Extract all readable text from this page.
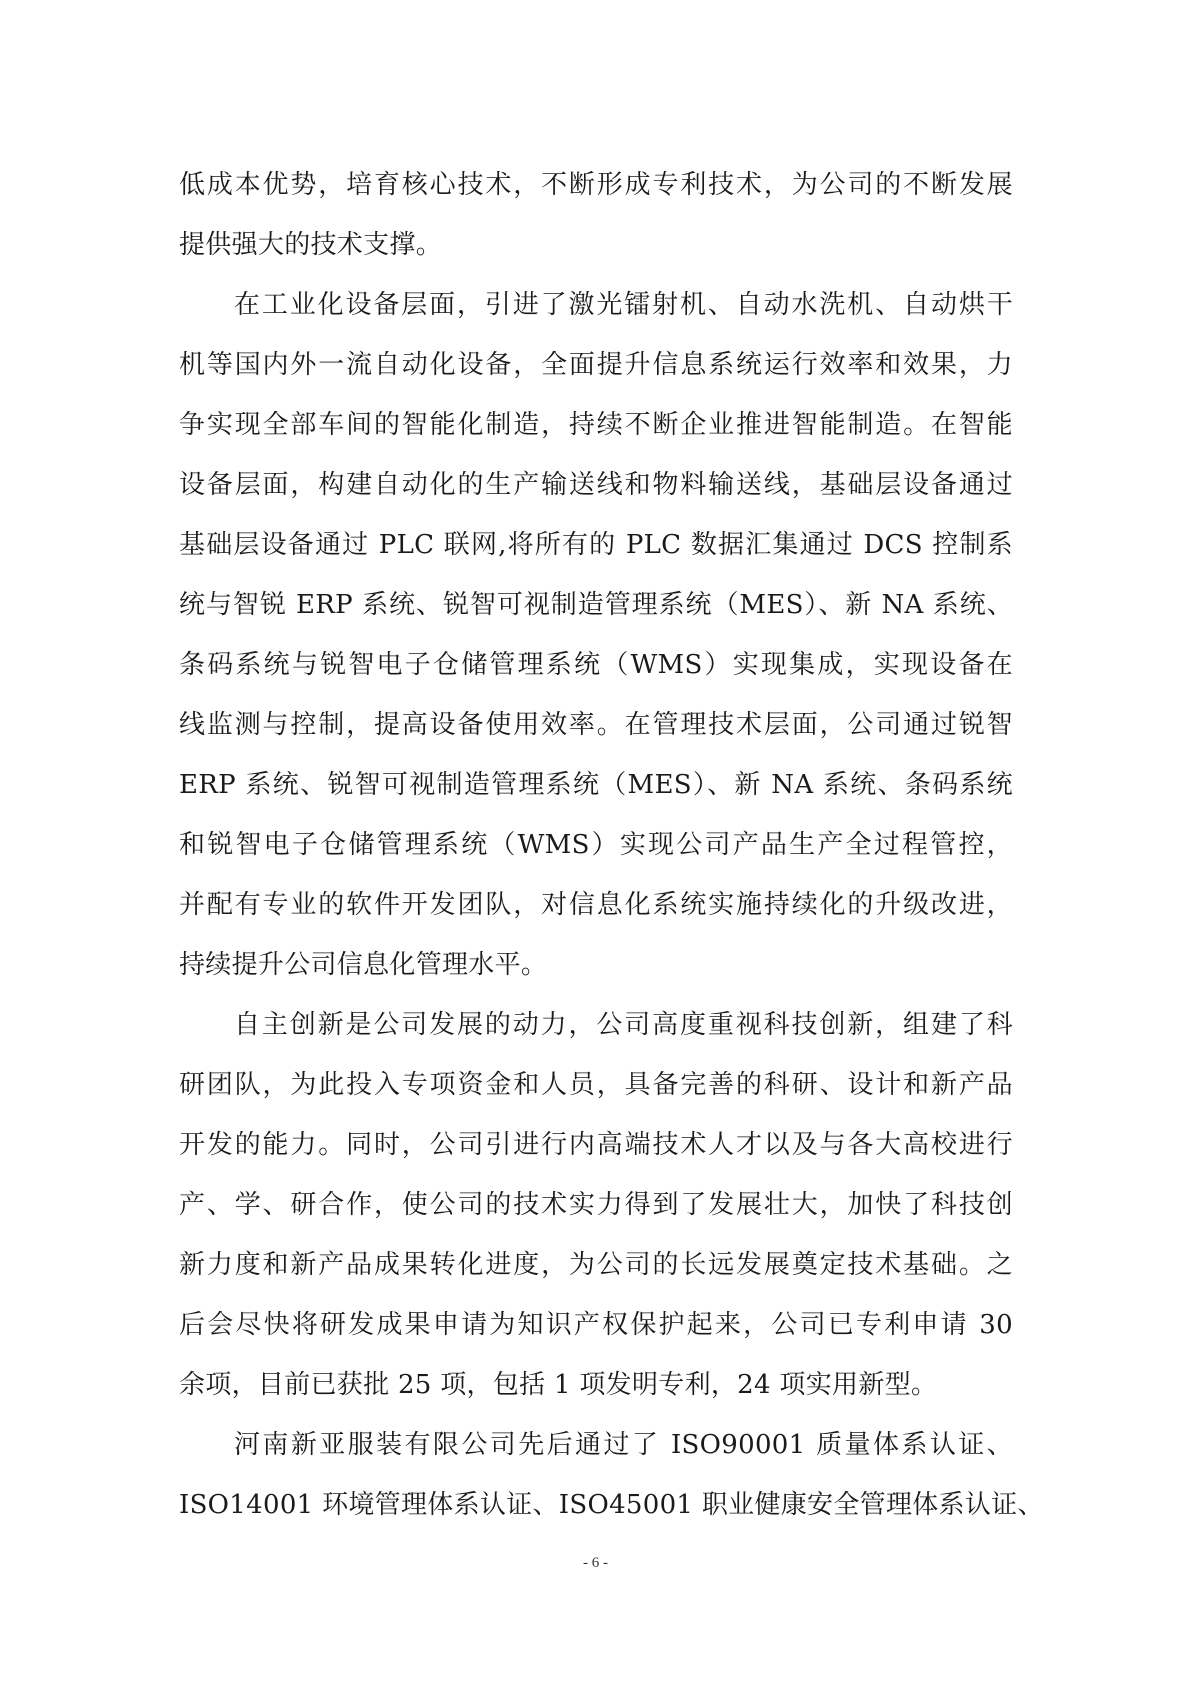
低成本优势，培育核心技术，不断形成专利技术，为公司的不断发展
提供强大的技术支撑。
在工业化设备层面，引进了激光镭射机、自动水洗机、自动烘干
机等国内外一流自动化设备，全面提升信息系统运行效率和效果，力
争实现全部车间的智能化制造，持续不断企业推进智能制造。在智能
设备层面，构建自动化的生产输送线和物料输送线，基础层设备通过
基础层设备通过 PLC 联网,将所有的 PLC 数据汇集通过 DCS 控制系
统与智锐 ERP 系统、锐智可视制造管理系统（MES）、新 NA 系统、
条码系统与锐智电子仓储管理系统（WMS）实现集成，实现设备在
线监测与控制，提高设备使用效率。在管理技术层面，公司通过锐智
ERP 系统、锐智可视制造管理系统（MES）、新 NA 系统、条码系统
和锐智电子仓储管理系统（WMS）实现公司产品生产全过程管控，
并配有专业的软件开发团队，对信息化系统实施持续化的升级改进，
持续提升公司信息化管理水平。
自主创新是公司发展的动力，公司高度重视科技创新，组建了科
研团队，为此投入专项资金和人员，具备完善的科研、设计和新产品
开发的能力。同时，公司引进行内高端技术人才以及与各大高校进行
产、学、研合作，使公司的技术实力得到了发展壮大，加快了科技创
新力度和新产品成果转化进度，为公司的长远发展奠定技术基础。之
后会尽快将研发成果申请为知识产权保护起来，公司已专利申请 30
余项，目前已获批 25 项，包括 1 项发明专利，24 项实用新型。
河南新亚服装有限公司先后通过了 ISO90001 质量体系认证、
ISO14001 环境管理体系认证、ISO45001 职业健康安全管理体系认证、
- 6 -
